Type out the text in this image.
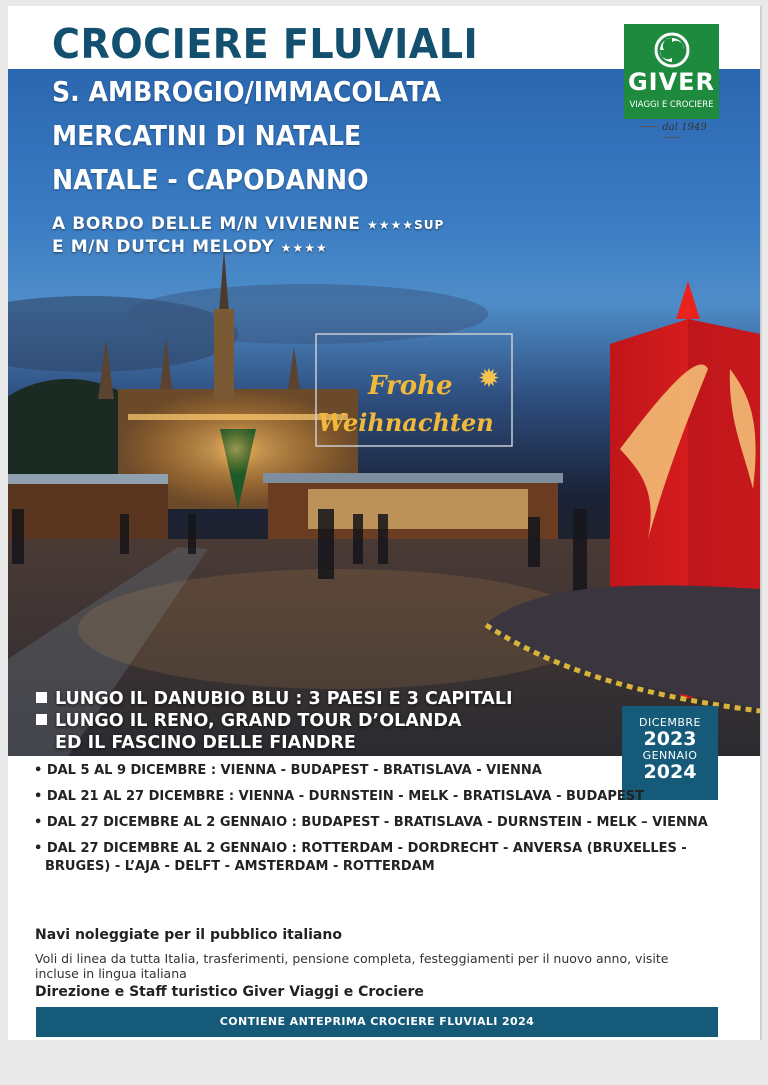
CROCIERE FLUVIALI
Frohe
Weihnachten
✹
S. AMBROGIO/IMMACOLATA
MERCATINI DI NATALE
NATALE - CAPODANNO
A BORDO DELLE M/N VIVIENNE ★★★★SUP
E M/N DUTCH MELODY ★★★★
LUNGO IL DANUBIO BLU : 3 PAESI E 3 CAPITALI
LUNGO IL RENO, GRAND TOUR D’OLANDA
ED IL FASCINO DELLE FIANDRE
GIVER
VIAGGI E CROCIERE
dal 1949
DICEMBRE
2023
GENNAIO
2024
• DAL 5 AL 9 DICEMBRE : VIENNA - BUDAPEST - BRATISLAVA - VIENNA
• DAL 21 AL 27 DICEMBRE : VIENNA - DURNSTEIN - MELK - BRATISLAVA - BUDAPEST
• DAL 27 DICEMBRE AL 2 GENNAIO : BUDAPEST - BRATISLAVA - DURNSTEIN - MELK – VIENNA
• DAL 27 DICEMBRE AL 2 GENNAIO : ROTTERDAM - DORDRECHT - ANVERSA (BRUXELLES - BRUGES) - L’AJA - DELFT - AMSTERDAM - ROTTERDAM
Navi noleggiate per il pubblico italiano
Voli di linea da tutta Italia, trasferimenti, pensione completa, festeggiamenti per il nuovo anno, visite incluse in lingua italiana
Direzione e Staff turistico Giver Viaggi e Crociere
CONTIENE ANTEPRIMA CROCIERE FLUVIALI 2024
